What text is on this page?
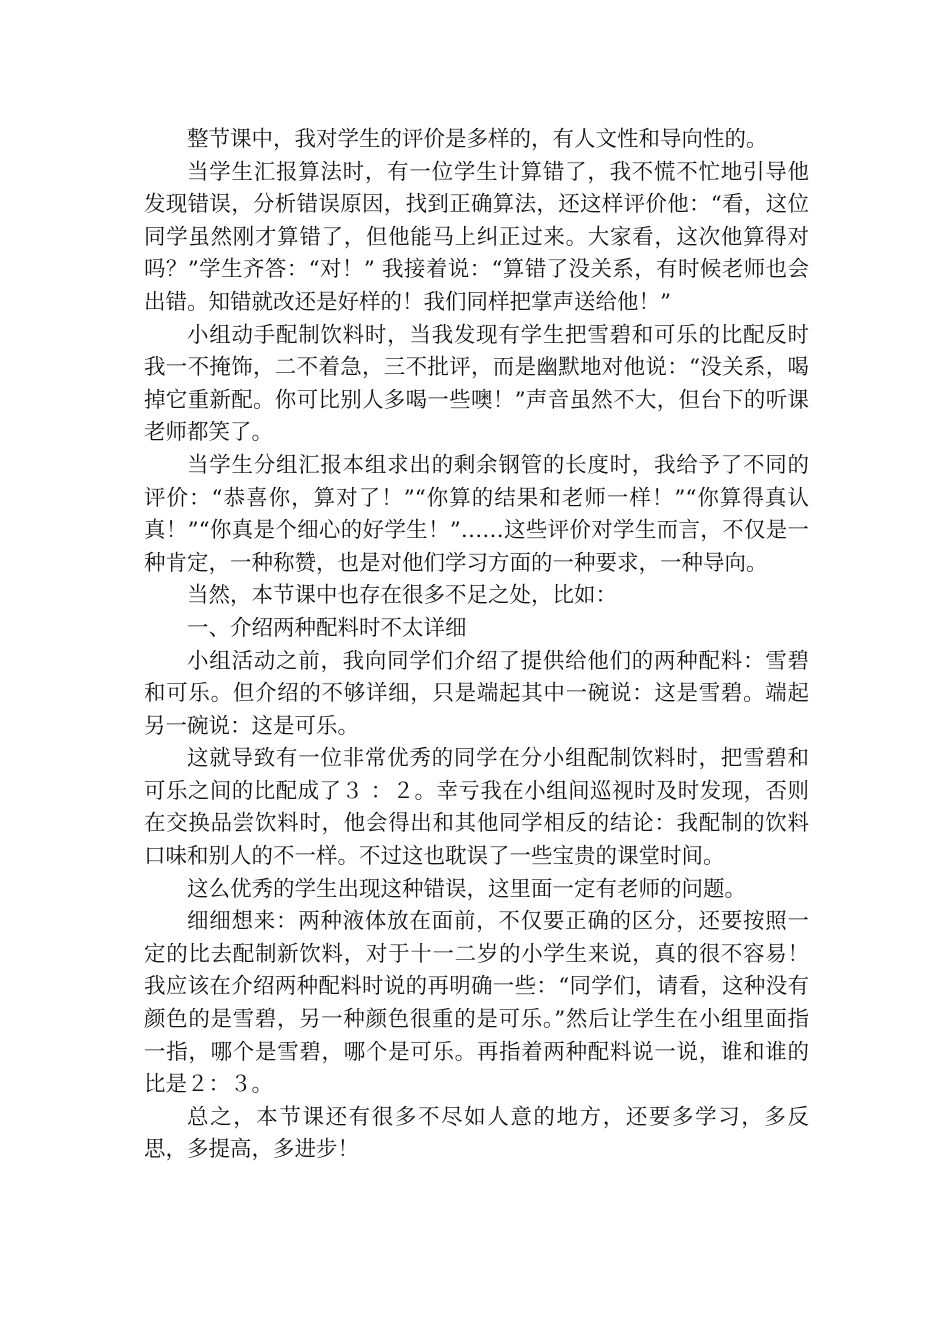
整节课中，我对学生的评价是多样的，有人文性和导向性的。

当学生汇报算法时，有一位学生计算错了，我不慌不忙地引导他发现错误，分析错误原因，找到正确算法，还这样评价他：“看，这位同学虽然刚才算错了，但他能马上纠正过来。大家看，这次他算得对吗？”学生齐答：“对！” 我接着说：“算错了没关系，有时候老师也会出错。知错就改还是好样的！我们同样把掌声送给他！”

小组动手配制饮料时，当我发现有学生把雪碧和可乐的比配反时我一不掩饰，二不着急，三不批评，而是幽默地对他说：“没关系，喝掉它重新配。你可比别人多喝一些噢！”声音虽然不大，但台下的听课老师都笑了。

当学生分组汇报本组求出的剩余钢管的长度时，我给予了不同的评价：“恭喜你，算对了！”“你算的结果和老师一样！”“你算得真认真！”“你真是个细心的好学生！”……这些评价对学生而言，不仅是一种肯定，一种称赞，也是对他们学习方面的一种要求，一种导向。

当然，本节课中也存在很多不足之处，比如：

一、介绍两种配料时不太详细

小组活动之前，我向同学们介绍了提供给他们的两种配料：雪碧和可乐。但介绍的不够详细，只是端起其中一碗说：这是雪碧。端起另一碗说：这是可乐。

这就导致有一位非常优秀的同学在分小组配制饮料时，把雪碧和可乐之间的比配成了３ ：２。幸亏我在小组间巡视时及时发现，否则在交换品尝饮料时，他会得出和其他同学相反的结论：我配制的饮料口味和别人的不一样。不过这也耽误了一些宝贵的课堂时间。

这么优秀的学生出现这种错误，这里面一定有老师的问题。

细细想来：两种液体放在面前，不仅要正确的区分，还要按照一定的比去配制新饮料，对于十一二岁的小学生来说，真的很不容易！我应该在介绍两种配料时说的再明确一些：“同学们，请看，这种没有颜色的是雪碧，另一种颜色很重的是可乐。”然后让学生在小组里面指一指，哪个是雪碧，哪个是可乐。再指着两种配料说一说，谁和谁的比是２：３。

总之，本节课还有很多不尽如人意的地方，还要多学习，多反思，多提高，多进步！
